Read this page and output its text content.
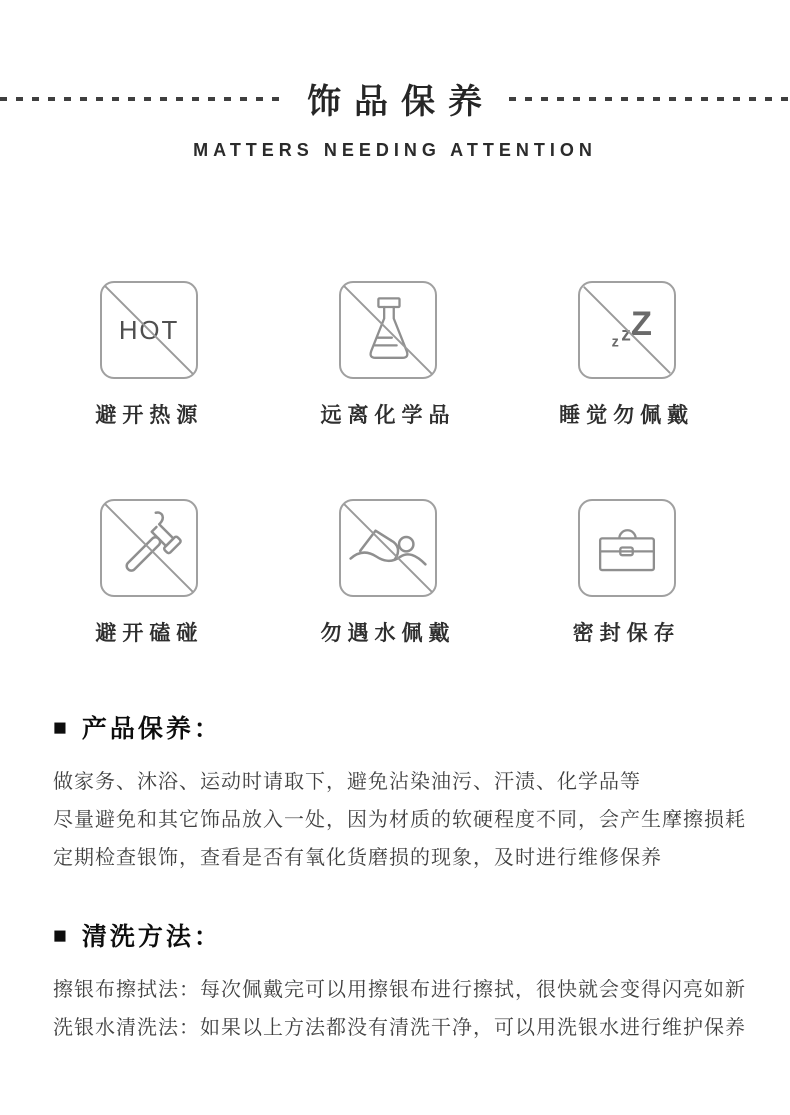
饰品保养
MATTERS NEEDING ATTENTION
HOT
避开热源	远离化学品
z z Z
睡觉勿佩戴
避开磕碰	勿遇水佩戴	密封保存
■ 产品保养：

做家务、沐浴、运动时请取下，避免沾染油污、汗渍、化学品等

尽量避免和其它饰品放入一处，因为材质的软硬程度不同，会产生摩擦损耗

定期检查银饰，查看是否有氧化货磨损的现象，及时进行维修保养

■ 清洗方法：

擦银布擦拭法：每次佩戴完可以用擦银布进行擦拭，很快就会变得闪亮如新

洗银水清洗法：如果以上方法都没有清洗干净，可以用洗银水进行维护保养
